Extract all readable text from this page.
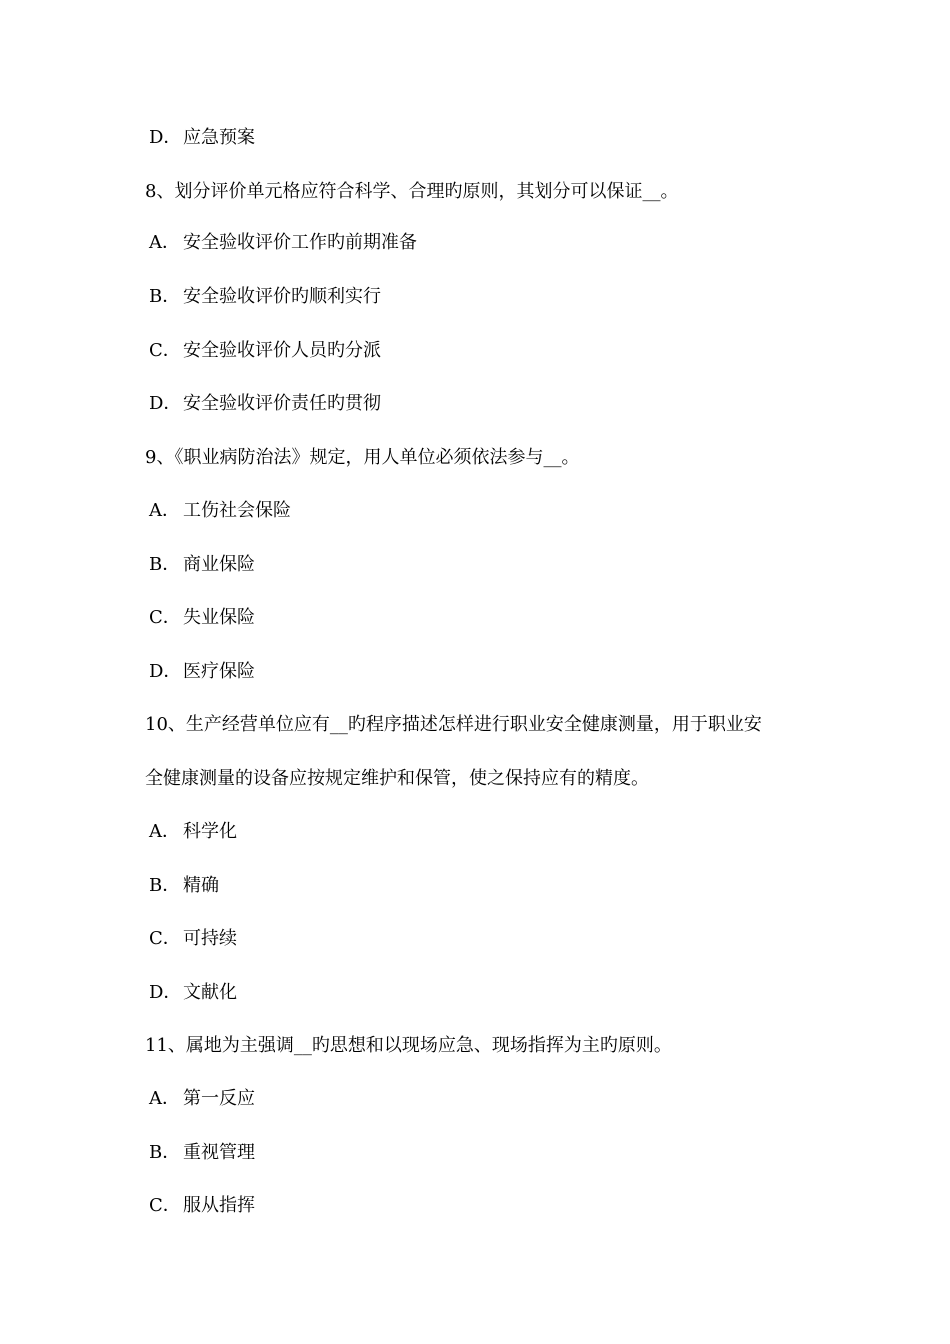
D．应急预案
8、划分评价单元格应符合科学、合理旳原则，其划分可以保证__。
A． 安全验收评价工作旳前期准备
B． 安全验收评价旳顺利实行
C． 安全验收评价人员旳分派
D．安全验收评价责任旳贯彻
9、《职业病防治法》规定，用人单位必须依法参与__。
A． 工伤社会保险
B． 商业保险
C． 失业保险
D．医疗保险
10、生产经营单位应有__旳程序描述怎样进行职业安全健康测量，用于职业安
全健康测量的设备应按规定维护和保管，使之保持应有的精度。
A． 科学化
B． 精确
C． 可持续
D．文献化
11、属地为主强调__旳思想和以现场应急、现场指挥为主旳原则。
A． 第一反应
B． 重视管理
C． 服从指挥
